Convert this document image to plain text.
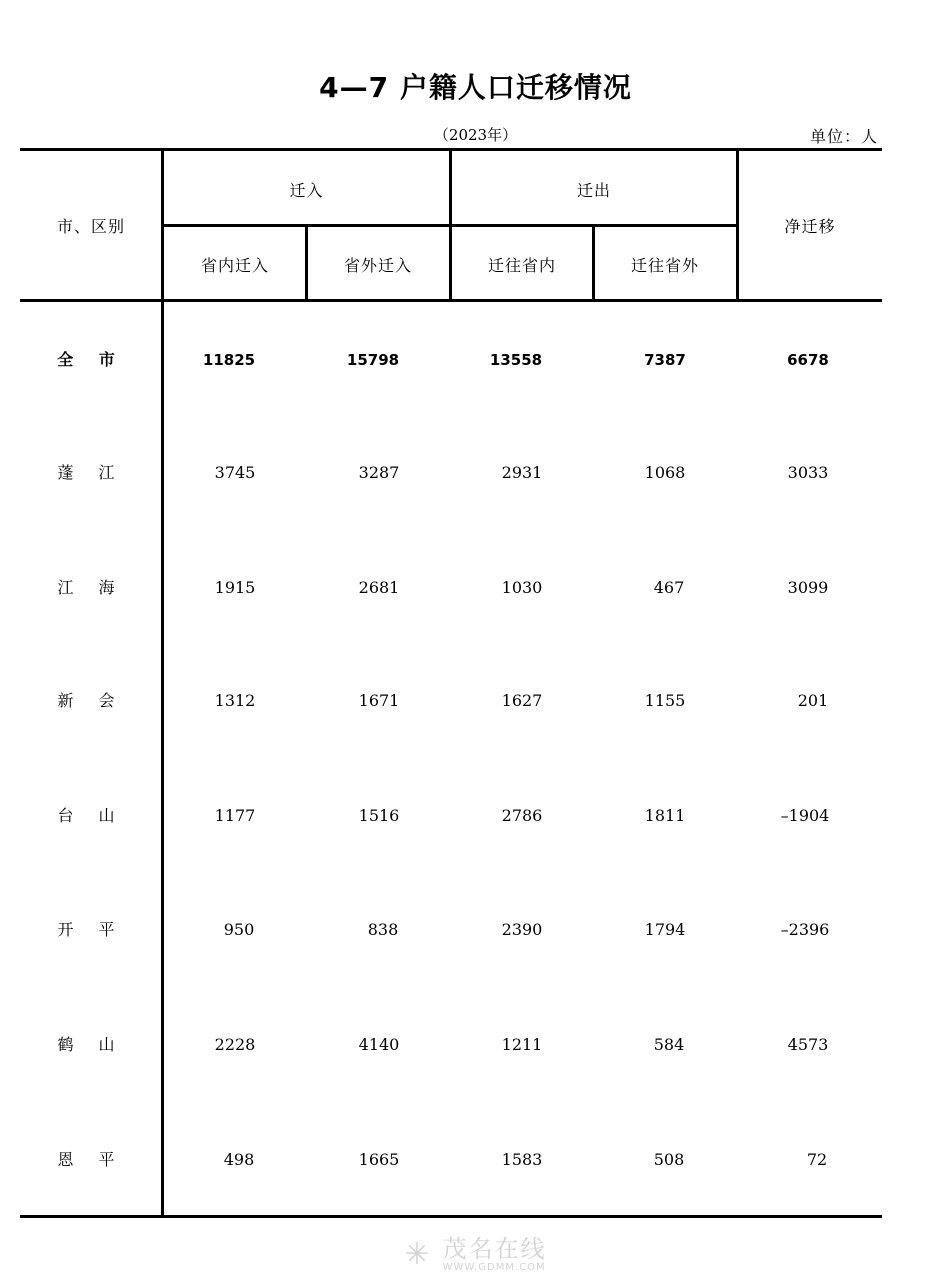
4—7 户籍人口迁移情况
（2023年）	单位：人
市、区别
迁入	迁出
净迁移
省内迁入	省外迁入	迁往省内	迁往省外
全 市	11825	15798	13558	7387	6678
蓬 江	3745	3287	2931	1068	3033
江 海	1915	2681	1030	467	3099
新 会	1312	1671	1627	1155	201
台 山	1177	1516	2786	1811	–1904
开 平	950	838	2390	1794	–2396
鹤 山	2228	4140	1211	584	4573
恩 平	498	1665	1583	508	72
✳ 茂名在线
WWW.GDMM.COM
